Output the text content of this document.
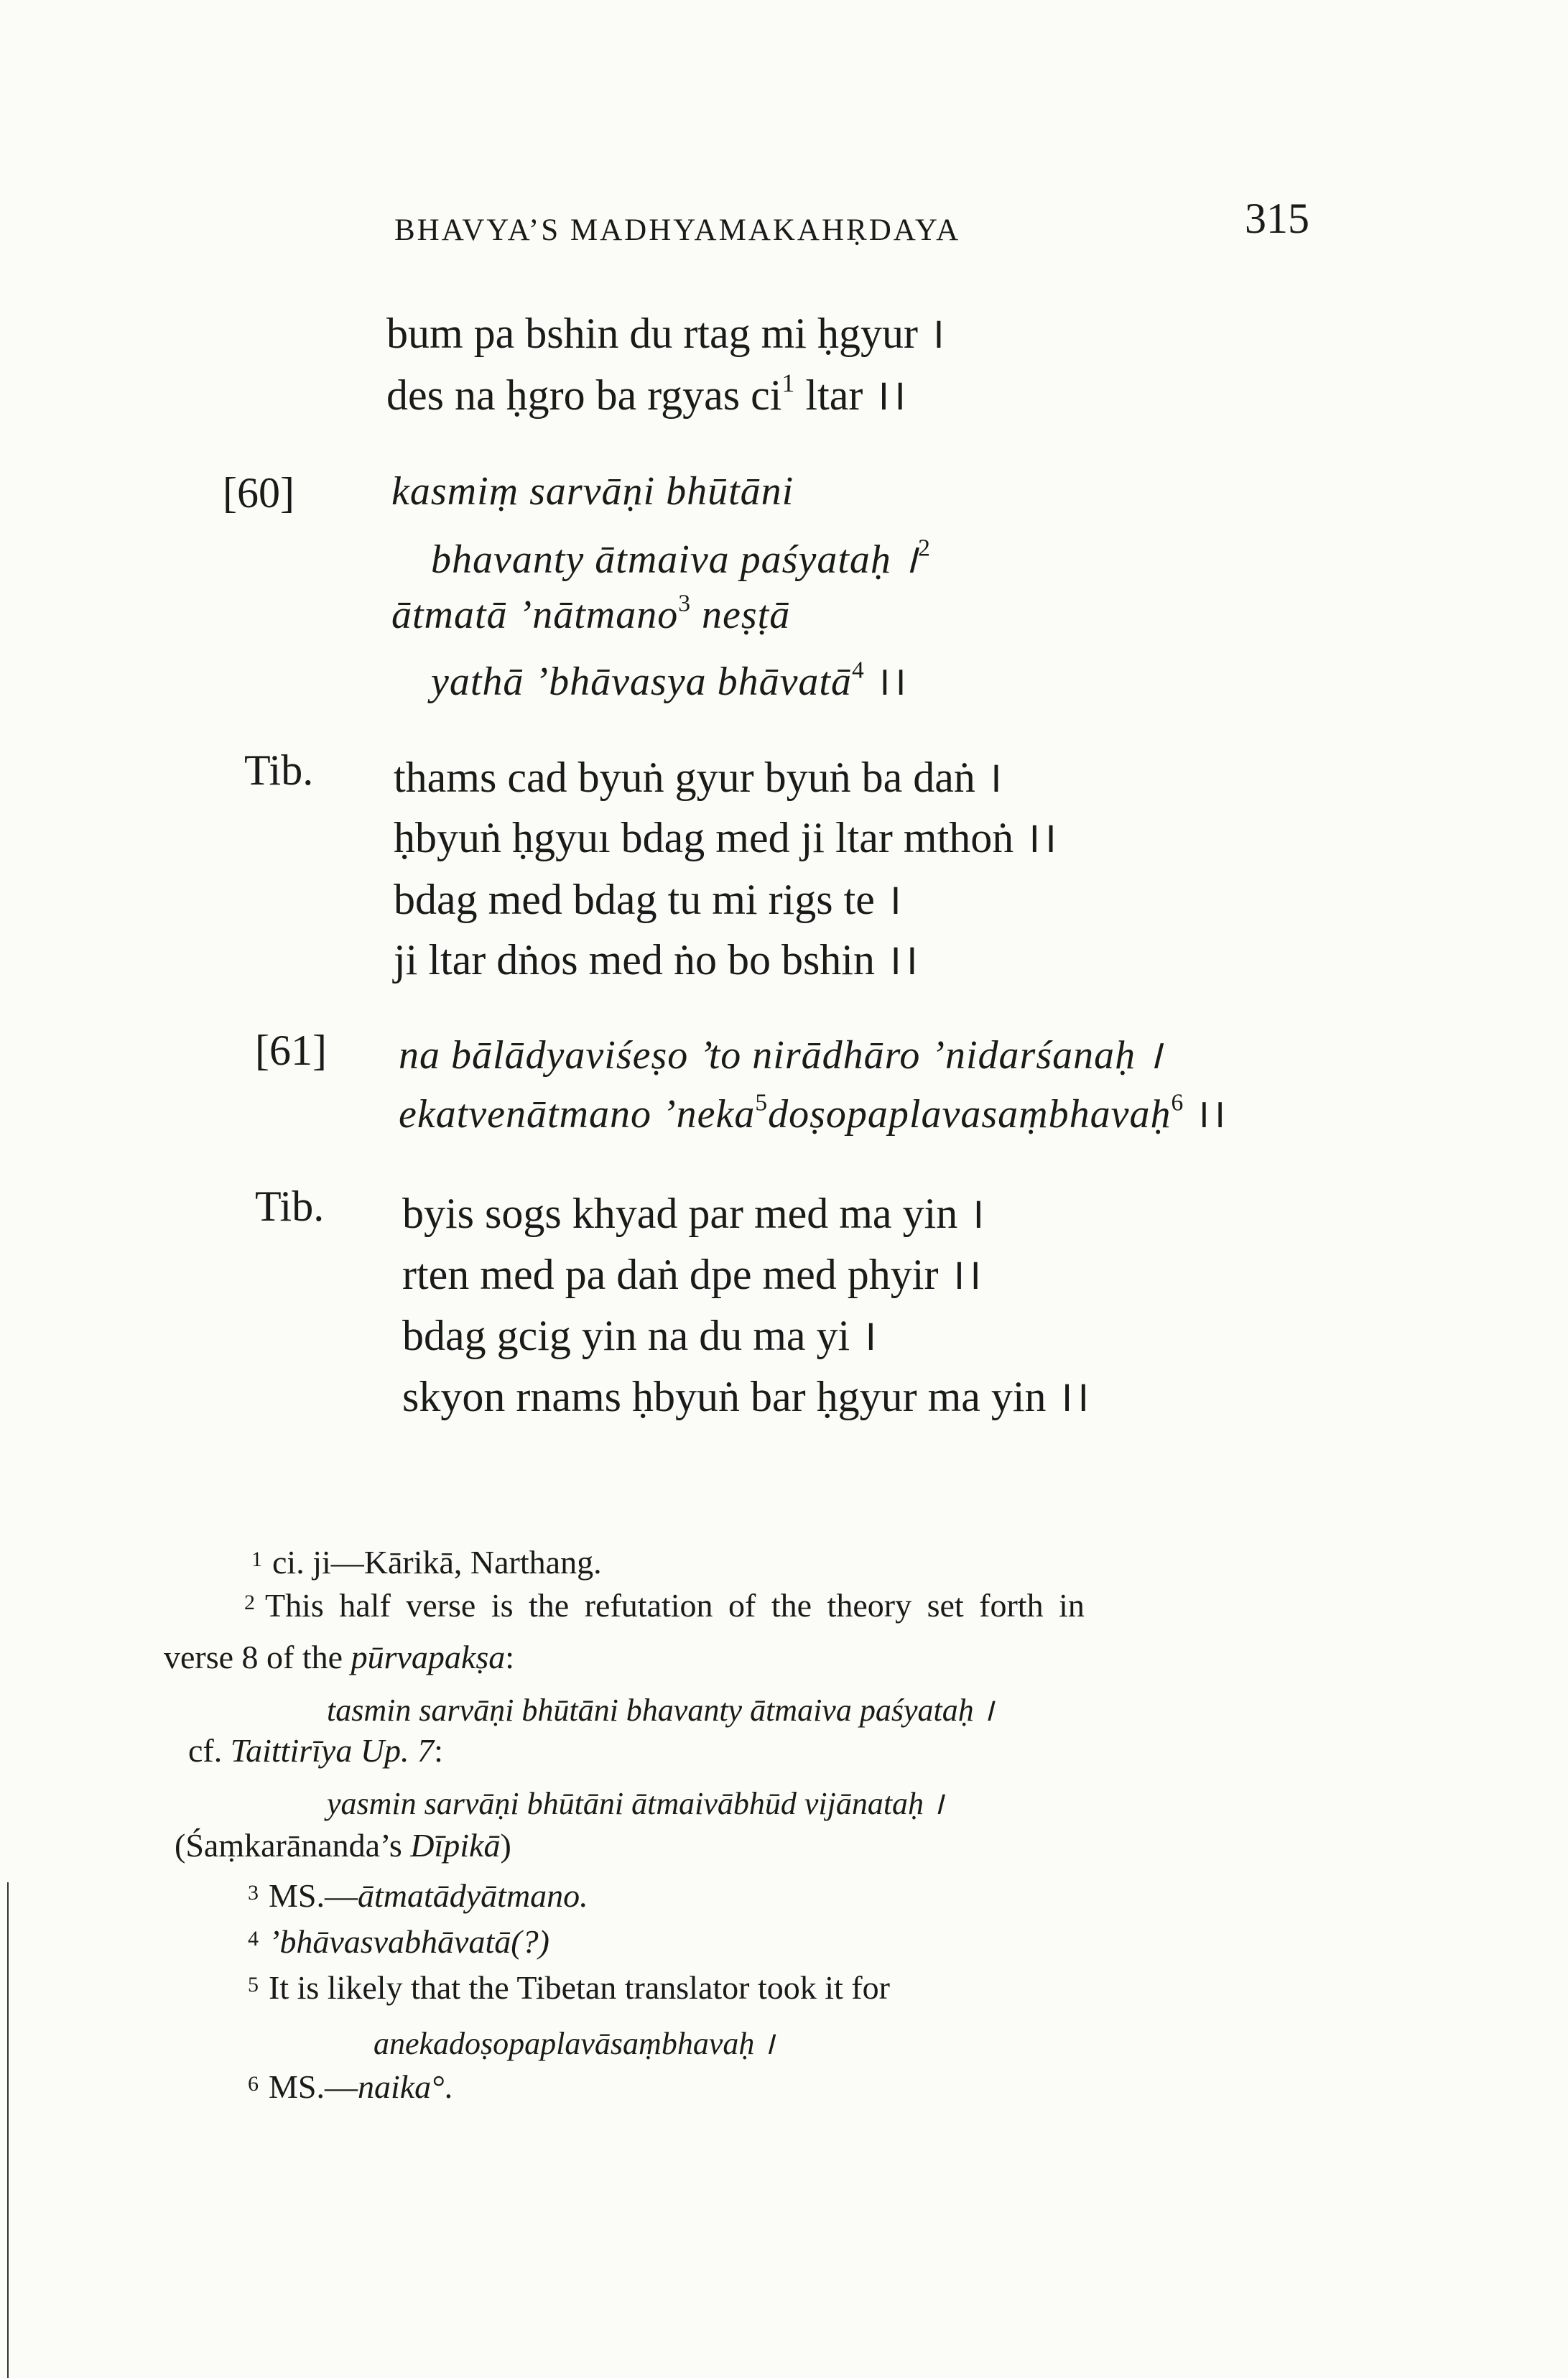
BHAVYA’S MADHYAMAKAHṚDAYA	315
bum pa bshin du rtag mi ḥgyur ।
des na ḥgro ba rgyas $ci^1$ ltar ।।
[60] kasmiṃ sarvāṇi bhūtāni
bhavanty ātmaiva paśyataḥ ।$^2$
ātmatā ’nātmano$^3$ neṣṭā
yathā ’bhāvasya bhāvatā$^4$ ।।
Tib. thams cad byuṅ gyur byuṅ ba daṅ ।
ḥbyuṅ ḥgyuı bdag med ji ltar mthoṅ ।।
bdag med bdag tu mi rigs te ।
ji ltar dṅos med ṅo bo bshin ।।
[61] na bālādyaviśeṣo ’to nirādhāro ’nidarśanaḥ ।
ekatvenātmano ’neka$^5$doṣopaplavasaṃbhavaḥ$^6$ ।।
Tib. byis sogs khyad par med ma yin ।
rten med pa daṅ dpe med phyir ।।
bdag gcig yin na du ma yi ।
skyon rnams ḥbyuṅ bar ḥgyur ma yin ।।
$^1$ ci. ji—Kārikā, Narthang.
$^2$ This half verse is the refutation of the theory set forth in
verse 8 of the pūrvapakṣa:
tasmin sarvāṇi bhūtāni bhavanty ātmaiva paśyataḥ ।
cf. Taittirīya Up. 7:
yasmin sarvāṇi bhūtāni ātmaivābhūd vijānataḥ ।
(Śaṃkarānanda’s Dīpikā)
$^3$ MS.—ātmatādyātmano.
$^4$ ’bhāvasvabhāvatā(?)
$^5$ It is likely that the Tibetan translator took it for
anekadoṣopaplavāsaṃbhavaḥ ।
$^6$ MS.—naika°.
